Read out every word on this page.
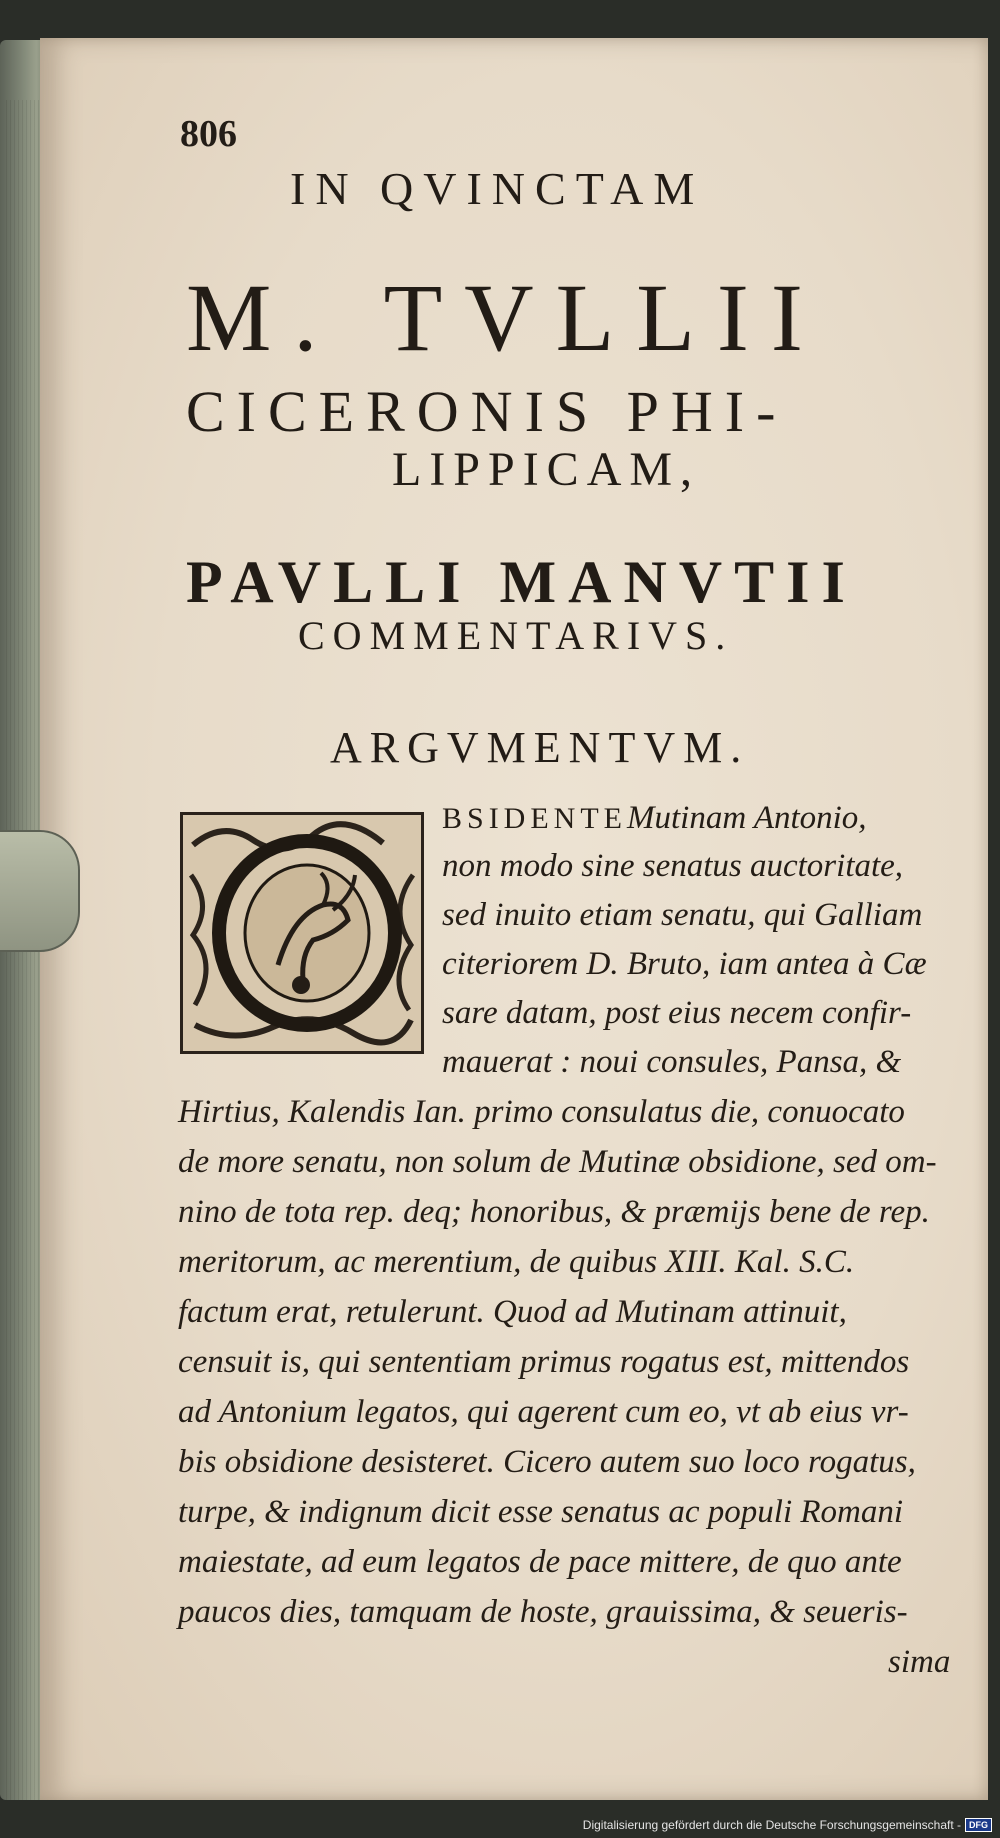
806
IN QVINCTAM
M. TVLLII
CICERONIS PHI-
LIPPICAM,
PAVLLI MANVTII
COMMENTARIVS.
ARGVMENTVM.
BSIDENTEMutinam Antonio,
non modo sine senatus auctoritate,
sed inuito etiam senatu, qui Galliam
citeriorem D. Bruto, iam antea à Cæ
sare datam, post eius necem confir-
mauerat : noui consules, Pansa, &
Hirtius, Kalendis Ian. primo consulatus die, conuocato
de more senatu, non solum de Mutinæ obsidione, sed om-
nino de tota rep. deq; honoribus, & præmijs bene de rep.
meritorum, ac merentium, de quibus XIII. Kal. S.C.
factum erat, retulerunt. Quod ad Mutinam attinuit,
censuit is, qui sententiam primus rogatus est, mittendos
ad Antonium legatos, qui agerent cum eo, vt ab eius vr-
bis obsidione desisteret. Cicero autem suo loco rogatus,
turpe, & indignum dicit esse senatus ac populi Romani
maiestate, ad eum legatos de pace mittere, de quo ante
paucos dies, tamquam de hoste, grauissima, & seueris-
sima
Digitalisierung gefördert durch die Deutsche Forschungsgemeinschaft - DFG
